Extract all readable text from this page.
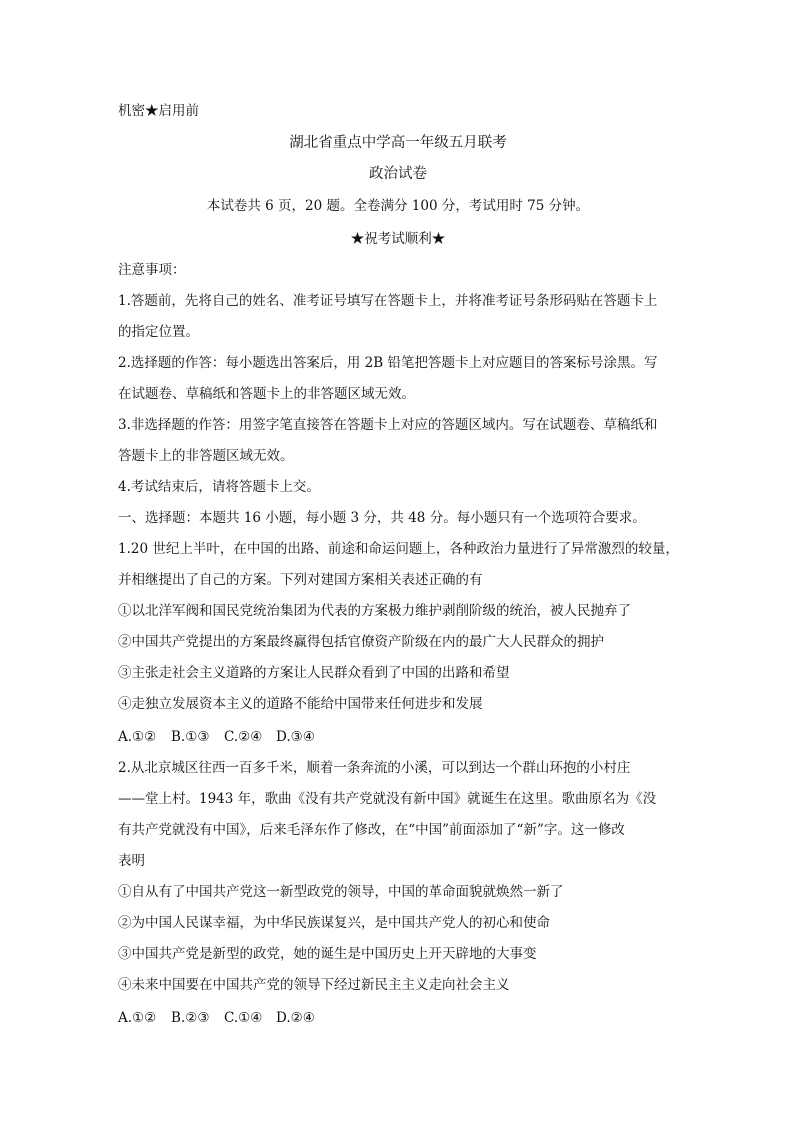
机密★启用前
湖北省重点中学高一年级五月联考
政治试卷
本试卷共 6 页，20 题。全卷满分 100 分，考试用时 75 分钟。
★祝考试顺利★
注意事项：
1.答题前，先将自己的姓名、准考证号填写在答题卡上，并将准考证号条形码贴在答题卡上
的指定位置。
2.选择题的作答：每小题选出答案后，用 2B 铅笔把答题卡上对应题目的答案标号涂黑。写
在试题卷、草稿纸和答题卡上的非答题区域无效。
3.非选择题的作答：用签字笔直接答在答题卡上对应的答题区域内。写在试题卷、草稿纸和
答题卡上的非答题区域无效。
4.考试结束后，请将答题卡上交。
一、选择题：本题共 16 小题，每小题 3 分，共 48 分。每小题只有一个选项符合要求。
1.20 世纪上半叶，在中国的出路、前途和命运问题上，各种政治力量进行了异常激烈的较量，
并相继提出了自己的方案。下列对建国方案相关表述正确的有
①以北洋军阀和国民党统治集团为代表的方案极力维护剥削阶级的统治，被人民抛弃了
②中国共产党提出的方案最终赢得包括官僚资产阶级在内的最广大人民群众的拥护
③主张走社会主义道路的方案让人民群众看到了中国的出路和希望
④走独立发展资本主义的道路不能给中国带来任何进步和发展
A.①② B.①③ C.②④ D.③④
2.从北京城区往西一百多千米，顺着一条奔流的小溪，可以到达一个群山环抱的小村庄
——堂上村。1943 年，歌曲《没有共产党就没有新中国》就诞生在这里。歌曲原名为《没
有共产党就没有中国》，后来毛泽东作了修改，在“中国”前面添加了“新”字。这一修改
表明
①自从有了中国共产党这一新型政党的领导，中国的革命面貌就焕然一新了
②为中国人民谋幸福，为中华民族谋复兴，是中国共产党人的初心和使命
③中国共产党是新型的政党，她的诞生是中国历史上开天辟地的大事变
④未来中国要在中国共产党的领导下经过新民主主义走向社会主义
A.①② B.②③ C.①④ D.②④
